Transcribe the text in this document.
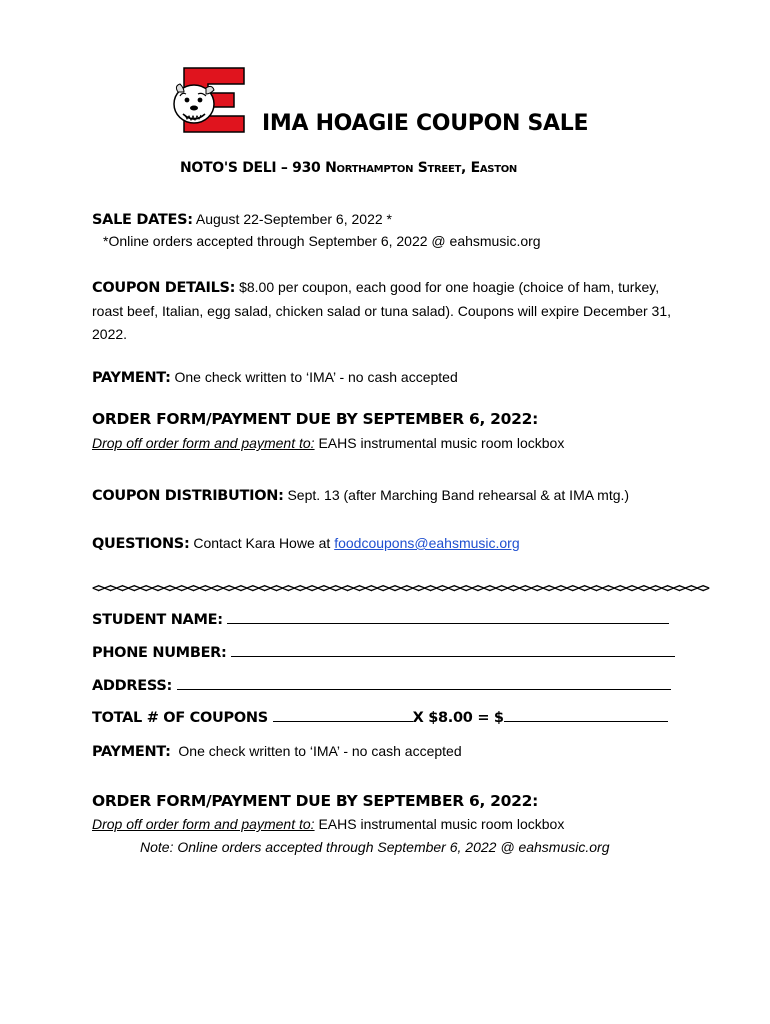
IMA HOAGIE COUPON SALE
NOTO'S DELI – 930 Northampton Street, Easton
SALE DATES: August 22-September 6, 2022 *
*Online orders accepted through September 6, 2022 @ eahsmusic.org
COUPON DETAILS: $8.00 per coupon, each good for one hoagie (choice of ham, turkey, roast beef, Italian, egg salad, chicken salad or tuna salad). Coupons will expire December 31, 2022.
PAYMENT: One check written to ‘IMA’ - no cash accepted
ORDER FORM/PAYMENT DUE BY SEPTEMBER 6, 2022:
Drop off order form and payment to: EAHS instrumental music room lockbox
COUPON DISTRIBUTION: Sept. 13 (after Marching Band rehearsal & at IMA mtg.)
QUESTIONS: Contact Kara Howe at foodcoupons@eahsmusic.org
<><><><><><><><><><><><><><><><><><><><><><><><><><><><><><><><><><><><><><><><><><><><><><><><><><><><>
STUDENT NAME:
PHONE NUMBER:
ADDRESS:
TOTAL # OF COUPONS	X $8.00 = $
PAYMENT:  One check written to ‘IMA’ - no cash accepted
ORDER FORM/PAYMENT DUE BY SEPTEMBER 6, 2022:
Drop off order form and payment to: EAHS instrumental music room lockbox
Note: Online orders accepted through September 6, 2022 @ eahsmusic.org
